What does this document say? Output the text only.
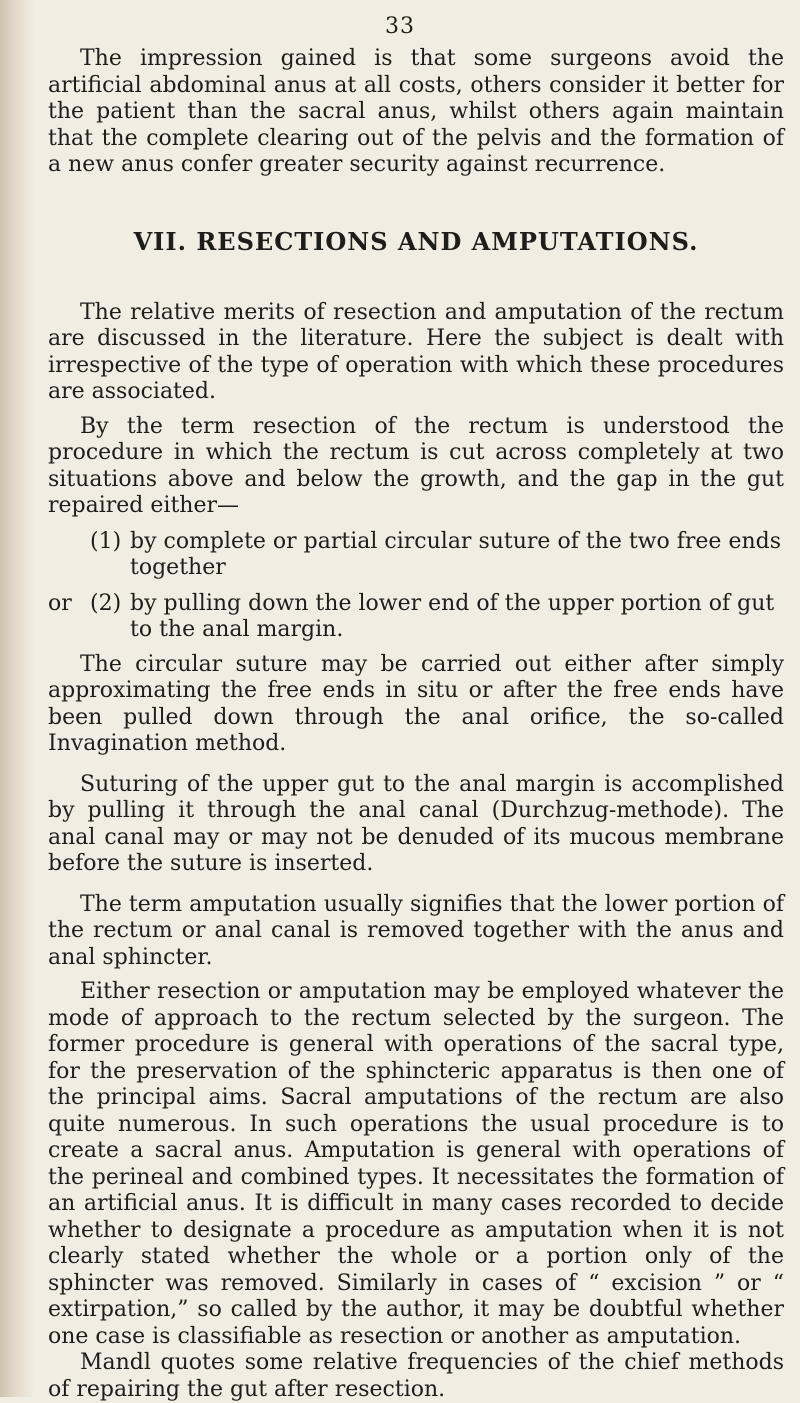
33

The impression gained is that some surgeons avoid the artificial abdominal anus at all costs, others consider it better for the patient than the sacral anus, whilst others again maintain that the complete clearing out of the pelvis and the formation of a new anus confer greater security against recurrence.

VII. RESECTIONS AND AMPUTATIONS.

The relative merits of resection and amputation of the rectum are discussed in the literature. Here the subject is dealt with irrespective of the type of operation with which these procedures are associated.

By the term resection of the rectum is understood the procedure in which the rectum is cut across completely at two situations above and below the growth, and the gap in the gut repaired either—

(1) by complete or partial circular suture of the two free ends together
or (2) by pulling down the lower end of the upper portion of gut to the anal margin.

The circular suture may be carried out either after simply approximating the free ends in situ or after the free ends have been pulled down through the anal orifice, the so-called Invagination method.

Suturing of the upper gut to the anal margin is accomplished by pulling it through the anal canal (Durchzug-methode). The anal canal may or may not be denuded of its mucous membrane before the suture is inserted.

The term amputation usually signifies that the lower portion of the rectum or anal canal is removed together with the anus and anal sphincter.

Either resection or amputation may be employed whatever the mode of approach to the rectum selected by the surgeon. The former procedure is general with operations of the sacral type, for the preservation of the sphincteric apparatus is then one of the principal aims. Sacral amputations of the rectum are also quite numerous. In such operations the usual procedure is to create a sacral anus. Amputation is general with operations of the perineal and combined types. It necessitates the formation of an artificial anus. It is difficult in many cases recorded to decide whether to designate a procedure as amputation when it is not clearly stated whether the whole or a portion only of the sphincter was removed. Similarly in cases of “ excision ” or “ extirpation,” so called by the author, it may be doubtful whether one case is classifiable as resection or another as amputation.

Mandl quotes some relative frequencies of the chief methods of repairing the gut after resection.
